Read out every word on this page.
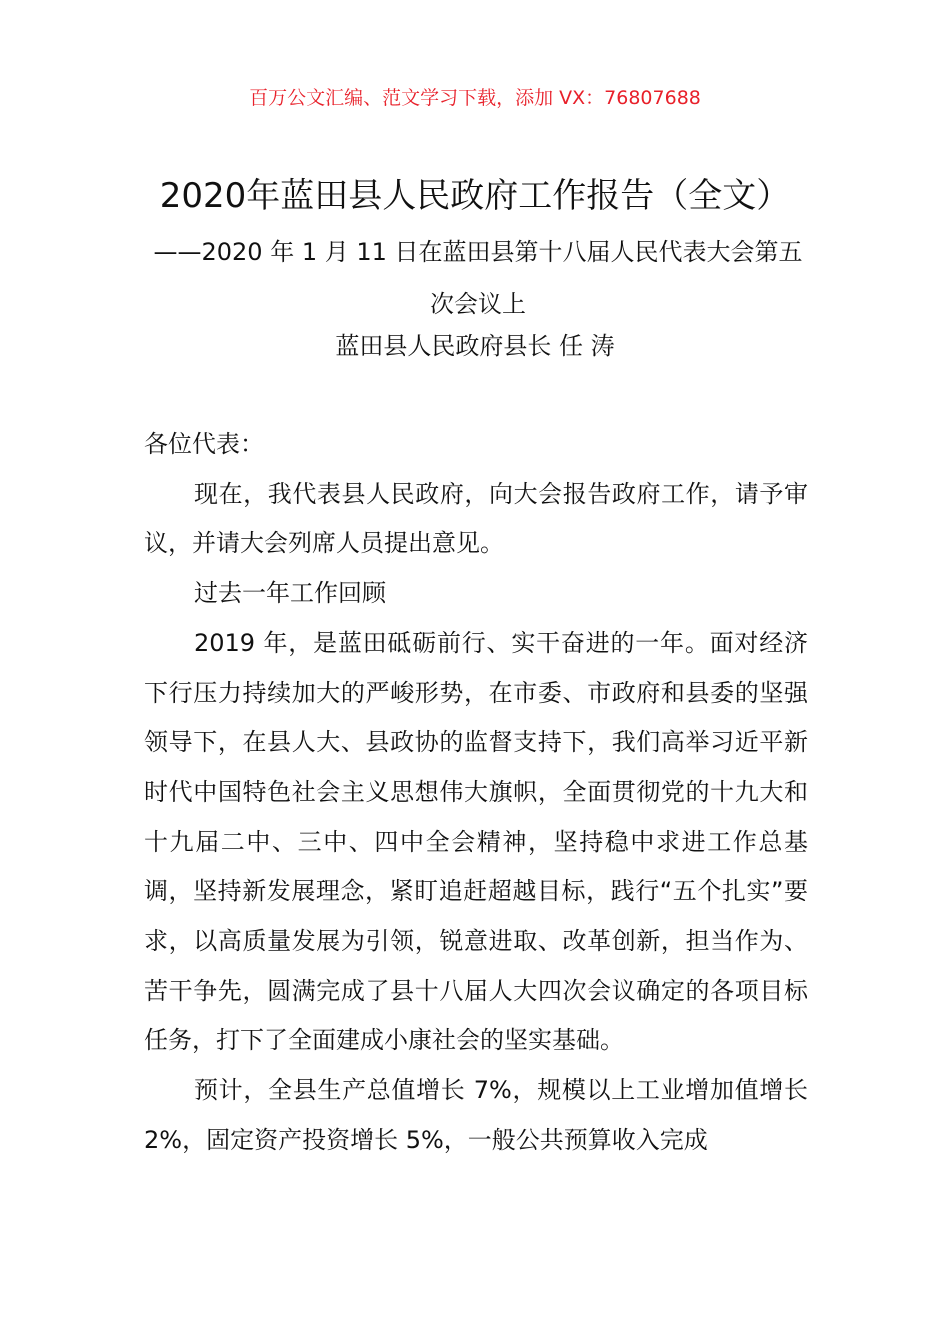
百万公文汇编、范文学习下载，添加 VX：76807688
2020年蓝田县人民政府工作报告（全文）
——2020 年 1 月 11 日在蓝田县第十八届人民代表大会第五次会议上
蓝田县人民政府县长 任 涛

各位代表：

现在，我代表县人民政府，向大会报告政府工作，请予审议，并请大会列席人员提出意见。

过去一年工作回顾

2019 年，是蓝田砥砺前行、实干奋进的一年。面对经济下行压力持续加大的严峻形势，在市委、市政府和县委的坚强领导下，在县人大、县政协的监督支持下，我们高举习近平新时代中国特色社会主义思想伟大旗帜，全面贯彻党的十九大和十九届二中、三中、四中全会精神，坚持稳中求进工作总基调，坚持新发展理念，紧盯追赶超越目标，践行“五个扎实”要求，以高质量发展为引领，锐意进取、改革创新，担当作为、苦干争先，圆满完成了县十八届人大四次会议确定的各项目标任务，打下了全面建成小康社会的坚实基础。

预计，全县生产总值增长 7%，规模以上工业增加值增长 2%，固定资产投资增长 5%，一般公共预算收入完成
